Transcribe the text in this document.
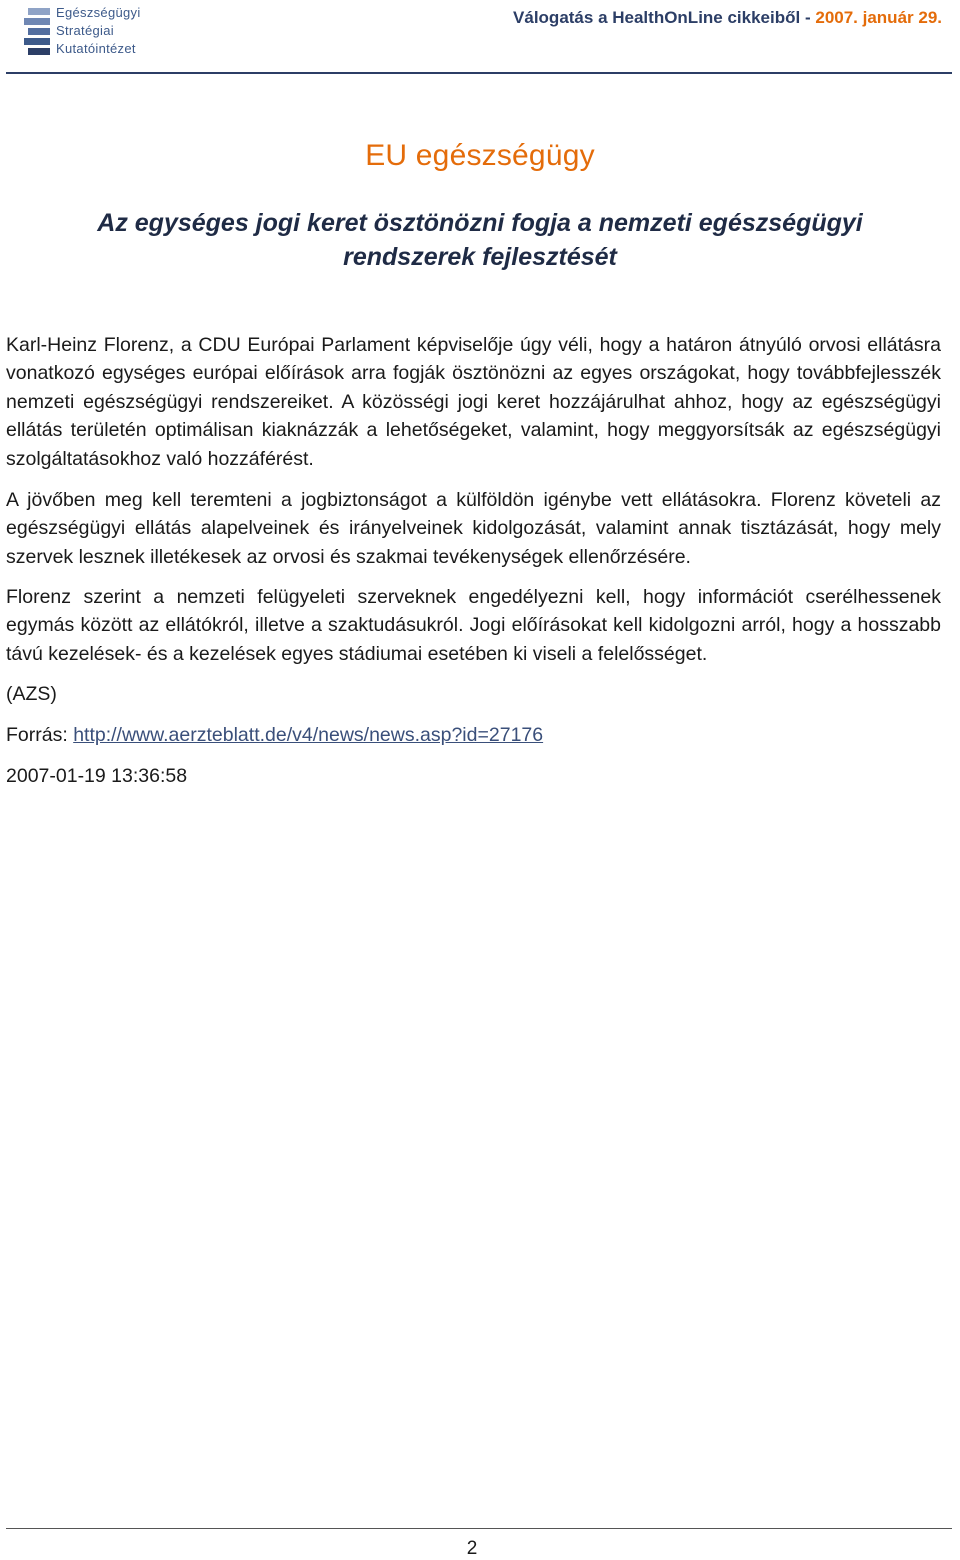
Egészségügyi
Stratégiai
Kutatóintézet
Válogatás a HealthOnLine cikkeiből - 2007. január 29.
EU egészségügy
Az egységes jogi keret ösztönözni fogja a nemzeti egészségügyi rendszerek fejlesztését

Karl-Heinz Florenz, a CDU Európai Parlament képviselője úgy véli, hogy a határon átnyúló orvosi ellátásra vonatkozó egységes európai előírások arra fogják ösztönözni az egyes országokat, hogy továbbfejlesszék nemzeti egészségügyi rendszereiket. A közösségi jogi keret hozzájárulhat ahhoz, hogy az egészségügyi ellátás területén optimálisan kiaknázzák a lehetőségeket, valamint, hogy meggyorsítsák az egészségügyi szolgáltatásokhoz való hozzáférést.

A jövőben meg kell teremteni a jogbiztonságot a külföldön igénybe vett ellátásokra. Florenz követeli az egészségügyi ellátás alapelveinek és irányelveinek kidolgozását, valamint annak tisztázását, hogy mely szervek lesznek illetékesek az orvosi és szakmai tevékenységek ellenőrzésére.

Florenz szerint a nemzeti felügyeleti szerveknek engedélyezni kell, hogy információt cserélhessenek egymás között az ellátókról, illetve a szaktudásukról. Jogi előírásokat kell kidolgozni arról, hogy a hosszabb távú kezelések- és a kezelések egyes stádiumai esetében ki viseli a felelősséget.

(AZS)

Forrás: http://www.aerzteblatt.de/v4/news/news.asp?id=27176

2007-01-19 13:36:58

2
